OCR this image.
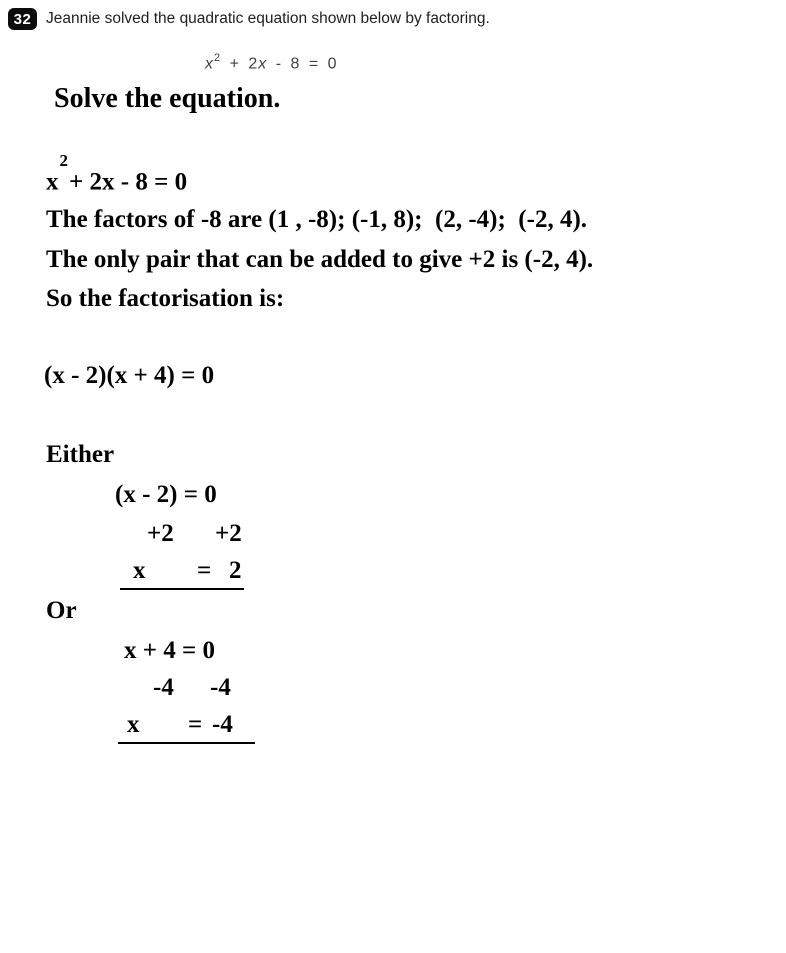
32 Jeannie solved the quadratic equation shown below by factoring.
$x^2 + 2x - 8 = 0$
Solve the equation.
$x^2+ 2x - 8 = 0$
The factors of -8 are (1 , -8); (-1, 8);  (2, -4);  (-2, 4).
The only pair that can be added to give +2 is (-2, 4).
So the factorisation is:
(x - 2)(x + 4) = 0
Either
(x - 2) = 0

+2

+2

x = 2
Or
x + 4 = 0

-4

-4

x = -4
